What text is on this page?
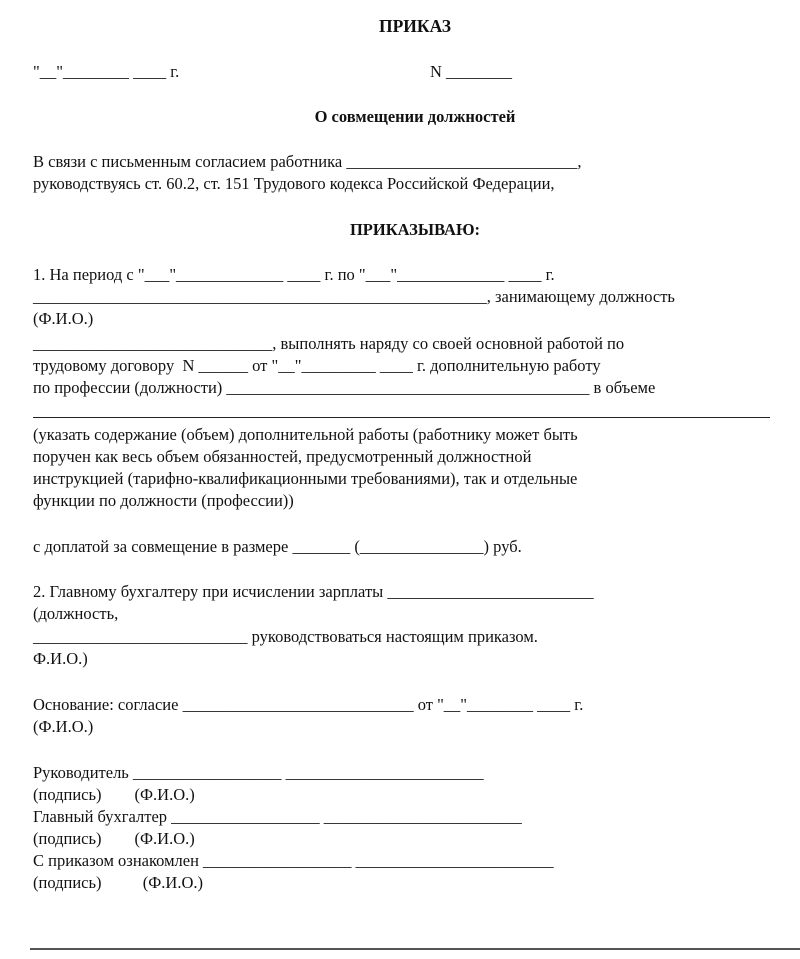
ПРИКАЗ
"__"________ ____ г.	N ________
О совмещении должностей
В связи с письменным согласием работника ____________________________,
руководствуясь ст. 60.2, ст. 151 Трудового кодекса Российской Федерации,
ПРИКАЗЫВАЮ:
1. На период с "___"_____________ ____ г. по "___"_____________ ____ г.
_______________________________________________________, занимающему должность
(Ф.И.О.)
_____________________________, выполнять наряду со своей основной работой по
трудовому договору  N ______ от "__"_________ ____ г. дополнительную работу
по профессии (должности) ____________________________________________ в объеме
(указать содержание (объем) дополнительной работы (работнику может быть
поручен как весь объем обязанностей, предусмотренный должностной
инструкцией (тарифно-квалификационными требованиями), так и отдельные
функции по должности (профессии))
с доплатой за совмещение в размере _______ (_______________) руб.
2. Главному бухгалтеру при исчислении зарплаты _________________________
(должность,
__________________________ руководствоваться настоящим приказом.
Ф.И.О.)
Основание: согласие ____________________________ от "__"________ ____ г.
(Ф.И.О.)
Руководитель __________________ ________________________
(подпись)        (Ф.И.О.)
Главный бухгалтер __________________ ________________________
(подпись)        (Ф.И.О.)
С приказом ознакомлен __________________ ________________________
(подпись)          (Ф.И.О.)
